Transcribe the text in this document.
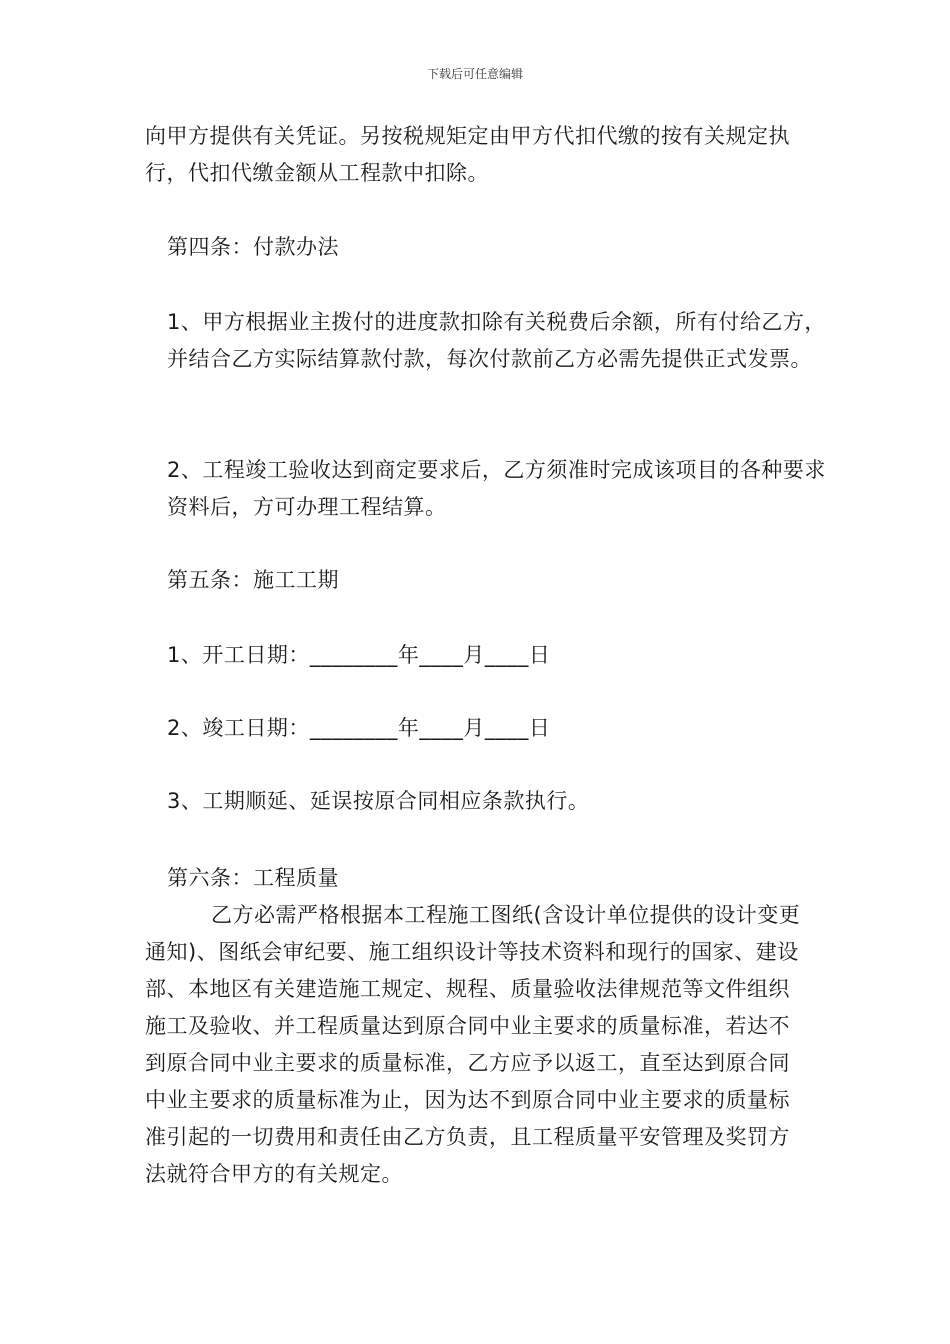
下载后可任意编辑

向甲方提供有关凭证。另按税规矩定由甲方代扣代缴的按有关规定执行，代扣代缴金额从工程款中扣除。

第四条：付款办法

1、甲方根据业主拨付的进度款扣除有关税费后余额，所有付给乙方，并结合乙方实际结算款付款，每次付款前乙方必需先提供正式发票。

2、工程竣工验收达到商定要求后，乙方须准时完成该项目的各种要求资料后，方可办理工程结算。

第五条：施工工期

1、开工日期：________年____月____日

2、竣工日期：________年____月____日

3、工期顺延、延误按原合同相应条款执行。

第六条：工程质量

乙方必需严格根据本工程施工图纸(含设计单位提供的设计变更通知)、图纸会审纪要、施工组织设计等技术资料和现行的国家、建设部、本地区有关建造施工规定、规程、质量验收法律规范等文件组织施工及验收、并工程质量达到原合同中业主要求的质量标准，若达不到原合同中业主要求的质量标准，乙方应予以返工，直至达到原合同中业主要求的质量标准为止，因为达不到原合同中业主要求的质量标准引起的一切费用和责任由乙方负责，且工程质量平安管理及奖罚方法就符合甲方的有关规定。
